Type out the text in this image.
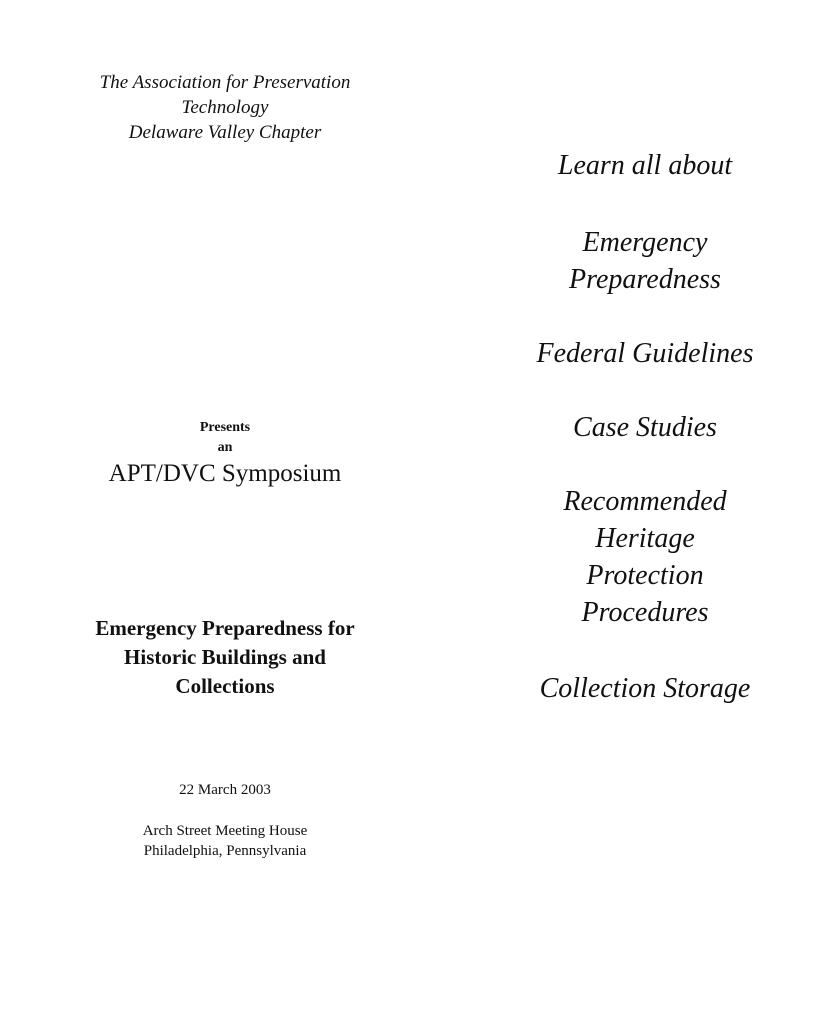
The Association for Preservation
Technology
Delaware Valley Chapter
Presents
an
APT/DVC Symposium
Emergency Preparedness for
Historic Buildings and
Collections
22 March 2003
Arch Street Meeting House
Philadelphia, Pennsylvania
Learn all about
Emergency
Preparedness
Federal Guidelines
Case Studies
Recommended
Heritage
Protection
Procedures
Collection Storage
